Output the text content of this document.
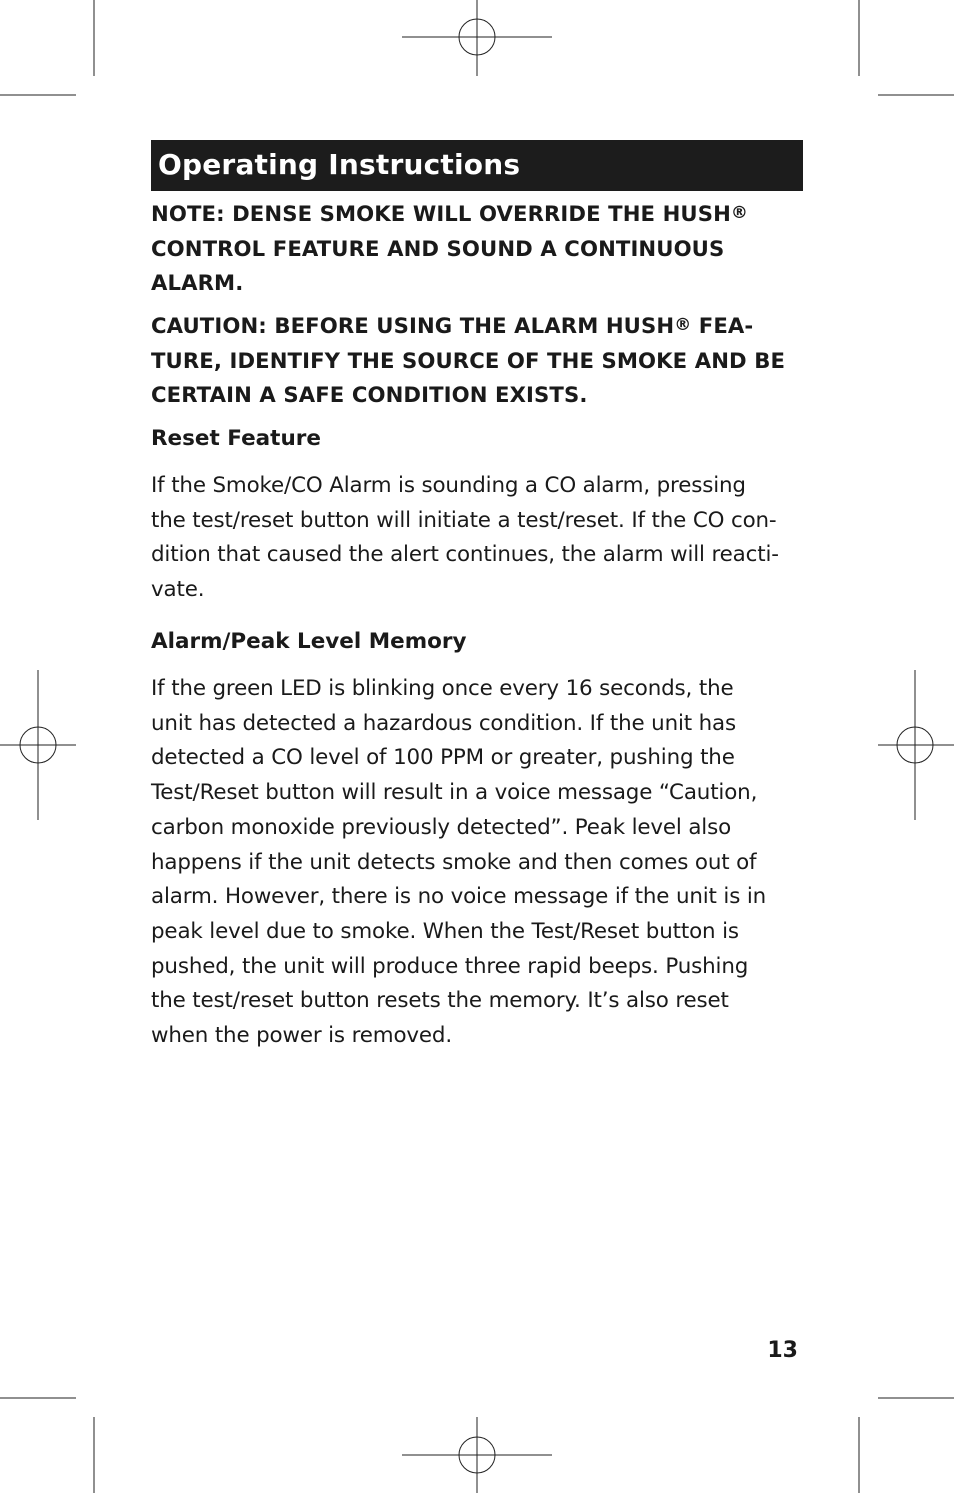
Operating Instructions

NOTE: DENSE SMOKE WILL OVERRIDE THE HUSH®
CONTROL FEATURE AND SOUND A CONTINUOUS
ALARM.

CAUTION: BEFORE USING THE ALARM HUSH® FEA-
TURE, IDENTIFY THE SOURCE OF THE SMOKE AND BE
CERTAIN A SAFE CONDITION EXISTS.

Reset Feature

If the Smoke/CO Alarm is sounding a CO alarm, pressing
the test/reset button will initiate a test/reset. If the CO con-
dition that caused the alert continues, the alarm will reacti-
vate.

Alarm/Peak Level Memory

If the green LED is blinking once every 16 seconds, the
unit has detected a hazardous condition. If the unit has
detected a CO level of 100 PPM or greater, pushing the
Test/Reset button will result in a voice message “Caution,
carbon monoxide previously detected”. Peak level also
happens if the unit detects smoke and then comes out of
alarm. However, there is no voice message if the unit is in
peak level due to smoke. When the Test/Reset button is
pushed, the unit will produce three rapid beeps. Pushing
the test/reset button resets the memory. It’s also reset
when the power is removed.

13
